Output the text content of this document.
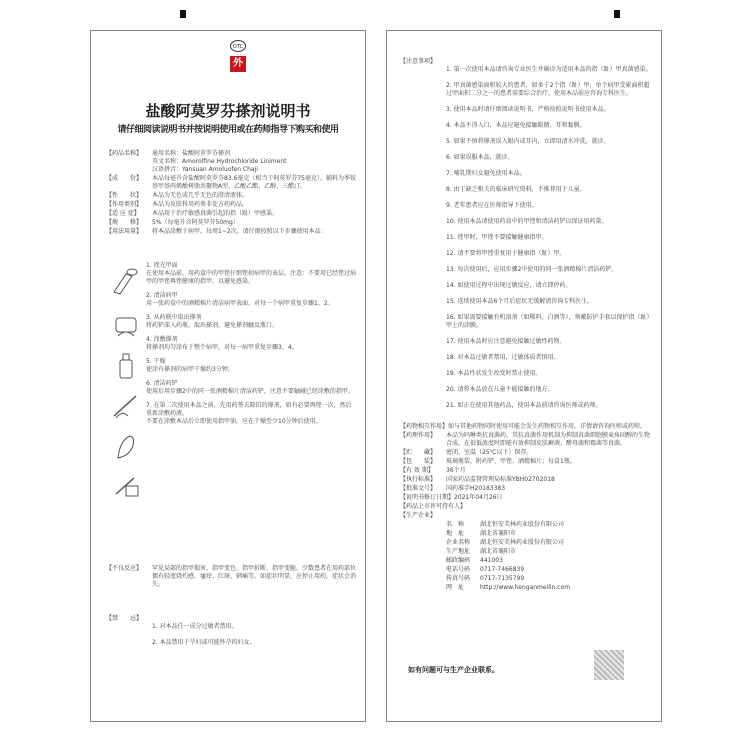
OTC
外
盐酸阿莫罗芬搽剂说明书
请仔细阅读说明书并按说明使用或在药师指导下购买和使用
【药品名称】	通用名称：盐酸阿莫罗芬搽剂
英文名称：Amorolfine Hydrochloride Liniment
汉语拼音：Yansuan Amoluofen Chaji
【成　　份】	本品每毫升含盐酸阿莫罗芬83.6毫克（相当于阿莫罗芬75毫克）。辅料为季铵基甲基丙烯酸树脂共聚物A型、乙酸乙酯、乙醇、三醋汀。
【性　　状】	本品为无色或几乎无色的澄清液体。
【作用类别】	本品为皮肤科用药类非处方药药品。
【适 应 症】	本品用于治疗敏感真菌引起的指（趾）甲感染。
【规　　格】	5%（每毫升含阿莫罗芬50mg）
【用法用量】	将本品涂敷于病甲，每周1~2次。请仔细按照以下步骤使用本品：
1. 锉光甲面
在使用本品前，用药盒中的甲锉仔细锉掉病甲的表层。注意：不要用已经锉过病甲的甲锉再锉健康的指甲，以避免感染。
2. 清洁病甲
用一张药盒中的酒精棉片清洁病甲表面。对每一个病甲重复步骤1、2。
3. 从药瓶中取出搽剂
将药铲深入药瓶，取出搽剂，避免搽剂触及瓶口。
4. 涂敷搽剂
将搽剂均匀涂布于整个病甲，对每一病甲重复步骤3、4。
5. 干燥
使涂有搽剂的病甲干燥约3分钟。
6. 清洁药铲
使用后用步骤2中的同一张酒精棉片清洁药铲，注意不要触碰已经涂敷的指甲。
7. 在第二次使用本品之前，先用药签去除旧的搽剂，如有必要再锉一次，然后重新涂敷药液。
不要在涂敷本品后立即使用指甲油，应在干燥至少10分钟后使用。
【不良反应】	罕见局部的指甲损害，指甲变色、指甲折断、指甲变脆，少数患者在用药部位偶有轻度烧灼感、瘙痒、红斑、刺痛等。如症状明显，应停止用药，症状会消失。
【禁　　忌】

1. 对本品任一成分过敏者禁用。

2. 本品禁用于孕妇或可能怀孕的妇女。

【注意事项】

1. 第一次使用本品请咨询专业医生并确诊为适用本品的指（趾）甲真菌感染。

2. 甲真菌感染面积较大的患者，如多于2个指（趾）甲，单个病甲受累面积超过甲面积二分之一的患者需要综合治疗，使用本品前应咨询专科医生。

3. 使用本品时请仔细阅读说明书，严格按照说明书使用本品。

4. 本品不得入口，本品应避免接触眼睛、耳和黏膜。

5. 如果不慎将搽剂误入眼内或耳内，立即用清水冲洗，就诊。

6. 如果误服本品，就诊。

7. 哺乳期妇女避免使用本品。

8. 由于缺乏相关的临床研究资料，不推荐用于儿童。

9. 老年患者应在医师指导下使用。

10. 使用本品请使用药盒中的甲锉和清洁药铲以保证用药量。

11. 锉甲时，甲锉不要接触健康指甲。

12. 请不要将甲锉重复用于健康指（趾）甲。

13. 每次使用后，应用步骤2中使用的同一张酒精棉片清洁药铲。

14. 如使用过程中出现过敏反应，请立即停药。

15. 连续使用本品6个月后症状无缓解请咨询专科医生。

16. 如果需要接触有机溶剂（如稀料、白酒等），须戴防护手套以保护指（趾）甲上的涂膜。

17. 使用本品时应注意避免接触过敏性药物。

18. 对本品过敏者禁用，过敏体质者慎用。

19. 本品性状发生改变时禁止使用。

20. 请将本品放在儿童不能接触的地方。

21. 如正在使用其他药品，使用本品前请咨询医师或药师。

【药物相互作用】 如与其他药物同时使用可能会发生药物相互作用，详情请咨询医师或药师。
【药理作用】	本品为吗啉类抗真菌药，其抗真菌作用机制为抑制真菌细胞膜麦角固醇的生物合成，在很低浓度时即能有效抑制皮肤癣菌、酵母菌和霉菌等真菌。
【贮　　藏】	密闭，室温（25℃以下）保存。
【包　　装】	玻璃瓶装，附药铲、甲锉、酒精棉片；每盒1瓶。
【有 效 期】	36个月
【执行标准】	国家药品监督管理局标准YBH02702018
【批准文号】	国药准字H20183383
【说明书修订日期】 2021年04月26日
【药品上市许可持有人】
【生产企业】
名　称	湖北恒安美林药业股份有限公司
地　址	湖北省襄阳市
企业名称	湖北恒安美林药业股份有限公司
生产地址	湖北省襄阳市
邮政编码	441003
电话号码	0717-7466839
传真号码	0717-7135799
网　址	http://www.henganmeilin.com
如有问题可与生产企业联系。
